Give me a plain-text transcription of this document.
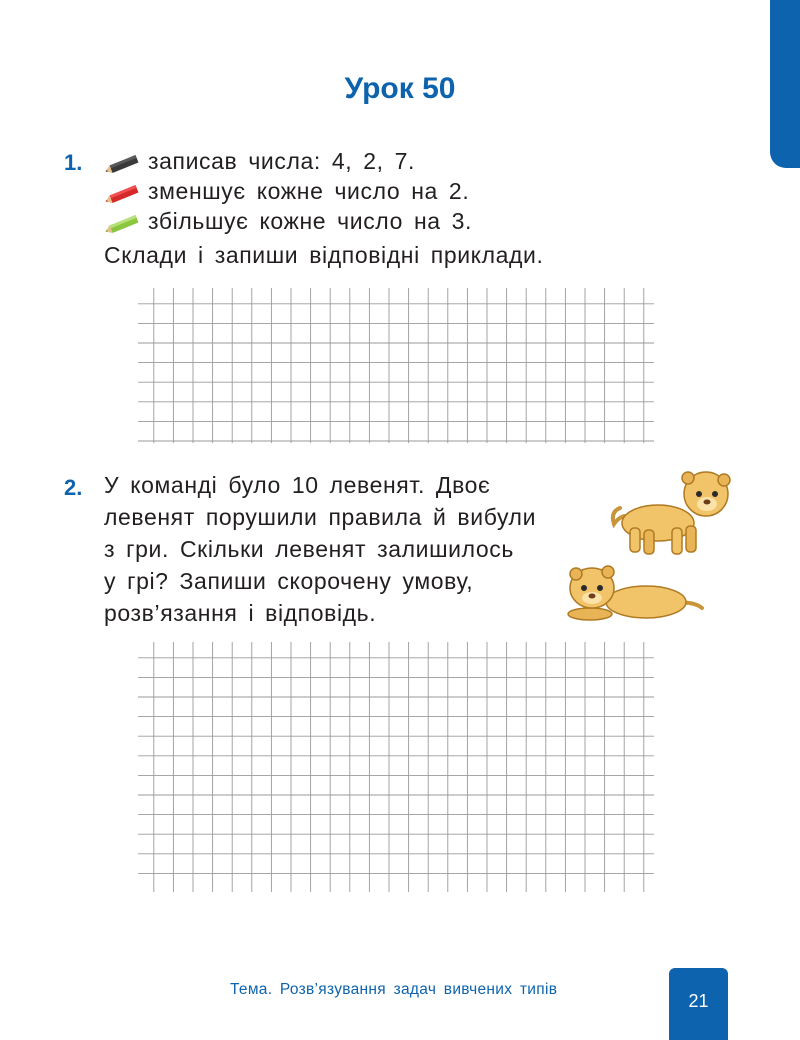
Урок 50
1.	записав числа: 4, 2, 7.
зменшує кожне число на 2.
збільшує кожне число на 3.
Склади і запиши відповідні приклади.
2. У команді було 10 левенят. Двоє
левенят порушили правила й вибули
з гри. Скільки левенят залишилось
у грі? Запиши скорочену умову,
розв’язання і відповідь.
Тема. Розв’язування задач вивчених типів
21
